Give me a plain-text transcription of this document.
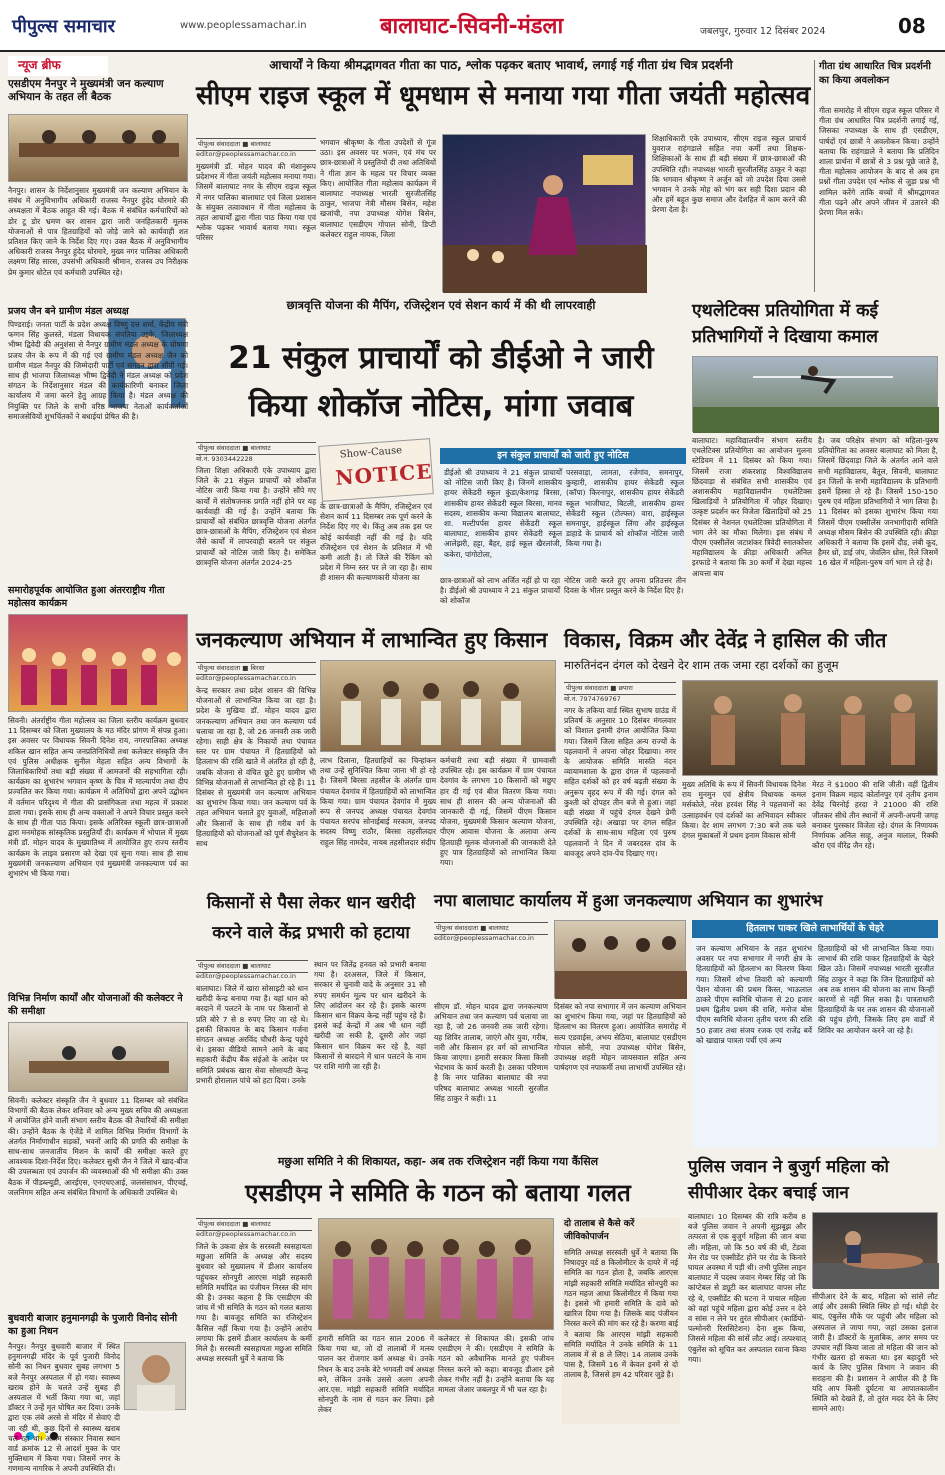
पीपुल्स समाचार	www.peoplessamachar.in	बालाघाट-सिवनी-मंडला	जबलपुर, गुरुवार 12 दिसंबर 2024	08
न्यूज ब्रीफ
एसडीएम नैनपुर ने मुख्यमंत्री जन कल्याण अभियान के तहत ली बैठक
नैनपुर। शासन के निर्देशानुसार मुख्यमंत्री जन कल्याण अभियान के संबंध में अनुविभागीय अधिकारी राजस्व नैनपुर हुंदेद घोरमारे की अध्यक्षता में बैठक आहूत की गई। बैठक में संबंधित कर्मचारियों को डोर टू डोर भ्रमण कर शासन द्वारा जारी जनहितकारी मूलक योजनाओं से पात्र हितग्राहियों को जोड़े जाने को कार्यवाही शत प्रतिशत किए जाने के निर्देश दिए गए। उक्त बैठक में अनुविभागीय अधिकारी राजस्व नैनपुर हुंदेद घोरमारे, मुख्य नगर पालिका अधिकारी लक्ष्मण सिंह सारस, उपसंभी अधिकारी श्रीमान, राजस्व उप निरीक्षक प्रेम कुमार धोटेल एवं कर्मचारी उपस्थित रहे।
प्रजय जैन बने ग्रामीण मंडल अध्यक्ष
पिण्डराई। जनता पार्टी के प्रदेश अध्यक्ष विष्णु दत्त शर्मा, केंद्रीय मंत्री फग्गन सिंह कुलस्ते, मंडला विधायक संपतिया उइके, जिलाध्यक्ष भीष्म द्विवेदी की अनुशंसा से नैनपुर ग्रामीण मंडल अध्यक्ष के चोषणा प्रजय जैन के रूप में की गई एवं ग्रामीण मंडल अध्यक्ष जैन को ग्रामीण मंडल नैनपुर की जिम्मेदारी पार्टी एवं संगठन द्वारा सौंपी गई। साथ ही भाजपा जिलाध्यक्ष भीष्म द्विवेदी ने मंडल अध्यक्ष को प्रदेश संगठन के निर्देशानुसार मंडल की कार्यकारिणी बनाकर जिला कार्यालय में जमा करने हेतु आग्रह किया है। मंडल अध्यक्ष की नियुक्ति पर जिले के सभी वरिष्ठ भाजपा नेताओं कार्यकर्ताओं समाजसेवियों शुभचिंतकों ने बधाईयां प्रेषित की है।
समारोहपूर्वक आयोजित हुआ अंतरराष्ट्रीय गीता महोत्सव कार्यक्रम
सिवनी। अंतर्राष्ट्रीय गीता महोत्सव का जिला स्तरीय कार्यक्रम बुधवार 11 दिसम्बर को जिला मुख्यालय के मठ मंदिर प्रांगण में संपन्न हुआ। इस अवसर पर विधायक सिवनी दिनेश राय, नगरपालिका अध्यक्ष शकिल खान सहित अन्य जनप्रतिनिधियों तथा कलेक्टर संस्कृति जैन एवं पुलिस अधीक्षक सुनील मेहता सहित अन्य विभागों के जिलाधिकारियों तथा बड़ी संख्या में आमजनों की सहभागिता रही। कार्यक्रम का शुभारंभ भगवान कृष्ण के चित्र में माल्यार्पण तथा दीप प्रज्वलित कर किया गया। कार्यक्रम में अतिथियों द्वारा अपने उद्बोधन में वर्तमान परिदृश्य में गीता की प्रासंगिकता तथा महत्व में प्रकाश डाला गया। इसके साथ ही अन्य वक्ताओं ने अपने विचार प्रस्तुत करने के साथ ही गीता पाठ किया। इसके अतिरिक्त स्कूली छात्र-छात्राओं द्वारा मनमोहक सांस्कृतिक प्रस्तुतियाँ दी। कार्यक्रम में भोपाल में मुख्य मंत्री डॉ. मोहन यादव के मुख्यातिथ्य में आयोजित हुए राज्य स्तरीय कार्यक्रम के लाइव प्रसारण को देखा एवं सुना गया। साथ ही साथ मुख्यमंत्री जनकल्याण अभियान एवं मुख्यमंत्री जनकल्याण पर्व का शुभारंभ भी किया गया।
विभिन्न निर्माण कार्यों और योजनाओं की कलेक्टर ने की समीक्षा
सिवनी। कलेक्टर संस्कृति जैन ने बुधवार 11 दिसम्बर को संबंधित विभागों की बैठक लेकर शनिवार को अन्य मुख्य सचिव की अध्यक्षता में आयोजित होने वाली संभाग स्तरीय बैठक की तैयारियों की समीक्षा की। उन्होंने बैठक के ऐजेंडे में शामिल विभिन्न निर्माण विभागों के अंतर्गत निर्माणाधीन सड़कों, भवनों आदि की प्रगति की समीक्षा के साथ-साथ जनजातीय मिशन के कार्यों की समीक्षा करते हुए आवश्यक दिशा-निर्देश दिए। कलेक्टर सुश्री जैन ने जिले में खाद-बीज की उपलब्धता एवं उपार्जन की व्यवस्थाओं की भी समीक्षा की। उक्त बैठक में पीडब्ल्यूडी, आरईएस, एनएचएआई, जलसंसाधन, पीएचई, जलनिगम सहित अन्य संबंधित विभागों के अधिकारी उपस्थित थे।
बुधवारी बाजार हनुमानगढ़ी के पुजारी विनोद सोनी का हुआ निधन
नैनपुर। नैनपुर बुधवारी बाजार में स्थित हनुमानगढ़ी मंदिर के पूर्व पुजारी विनोद सोनी का निधन बुधवार सुबह लगभग 5 बजे नैनपुर अस्पताल में हो गया। स्वास्थ्य खराब होने के चलते उन्हें सुबह ही अस्पताल में भर्ती किया गया था, जहां डॉक्टर ने उन्हें मृत घोषित कर दिया। उनके द्वारा एक लंबे अरसे से मंदिर में सेवाएं दी जा रही थी, कुछ दिनों से स्वास्थ्य खराब चल रहा था। अंतिम संस्कार निवास स्थान वार्ड क्रमांक 12 से आदर्श मुक्त के पार मुक्तिधाम में किया गया। जिसमें नगर के गणमान्य नागरिक ने अपनी उपस्थिति दी।
आचार्यों ने किया श्रीमद्भागवत गीता का पाठ, श्लोक पढ़कर बताए भावार्थ, लगाई गई गीता ग्रंथ चित्र प्रदर्शनी
सीएम राइज स्कूल में धूमधाम से मनाया गया गीता जयंती महोत्सव
पीपुल्स संवाददाता ■ बालाघाट
editor@peoplessamachar.co.in
मुख्यमंत्री डॉ. मोहन यादव की मंशानुरूप प्रदेशभर में गीता जयंती महोत्सव मनाया गया। जिसमें बालाघाट नगर के सीएम राइज स्कूल में नगर पालिका बालाघाट एवं जिला प्रशासन के संयुक्त तत्वावधान में गीता महोत्सव के तहत आचार्यों द्वारा गीता पाठ किया गया एवं श्लोक पढ़कर भावार्थ बताया गया। स्कूल परिसर
भगवान श्रीकृष्ण के गीता उपदेशों से गूंज उठा। इस अवसर पर भजन, एवं मंच पर छात्र-छात्राओं ने प्रस्तुतियों दी तथा अतिथियों ने गीता ज्ञान के महत्व पर विचार व्यक्त किए। आयोजित गीता महोत्सव कार्यक्रम में बालाघाट नपाध्यक्ष भारती सुरजीतसिंह ठाकुर, भाजपा नेत्री मौसम बिसेन, महेश खजांची, नपा उपाध्यक्ष योगेश बिसेन, बालाघाट एसडीएम गोपाल सोनी, डिप्टी कलेक्टर राहुल नायक, जिला
शिक्षाधिकारी एके उपाध्याय, सीएम राइज स्कूल प्राचार्य युवराज राहंगडाले सहित नपा कर्मी तथा शिक्षक-शिक्षिकाओं के साथ ही बड़ी संख्या में छात्र-छात्राओं की उपस्थिति रही। नपाध्यक्ष भारती सुरजीतसिंह ठाकुर ने कहा कि भगवान श्रीकृष्ण ने अर्जुन को जो उपदेश दिया उससे भगवान ने उनके मोह को भंग कर सही दिशा प्रदान की और हमें बहुत कुछ समाज और देशहित में काम करने की प्रेरणा देता है।
गीता ग्रंथ आधारित चित्र प्रदर्शनी का किया अवलोकन
गीता समारोह में सीएम राइज स्कूल परिसर में गीता ग्रंथ आधारित चित्र प्रदर्शनी लगाई गई, जिसका नपाध्यक्ष के साथ ही एसडीएम, पार्षदों एवं छात्रों ने अवलोकन किया। उन्होंने बताया कि राहंगडाले ने बताया कि प्रतिदिन शाला प्रार्थना में छात्रों से 3 प्रश्न पूछे जाते है, गीता महोत्सव आयोजन के बाद से अब हम प्रश्नों गीता उपदेश एवं श्लोक से जुड़ा प्रश्न भी शामिल करेंगे ताकि बच्चों में श्रीमद्भागवत गीता पढ़ने और अपने जीवन में उतारने की प्रेरणा मिल सके।
छात्रवृत्ति योजना की मैपिंग, रजिस्ट्रेशन एवं सेशन कार्य में की थी लापरवाही
21 संकुल प्राचार्यों को डीईओ ने जारी किया शोकॉज नोटिस, मांगा जवाब
पीपुल्स संवाददाता ■ बालाघाट
मो.नं. 9303442228
जिला शिक्षा अधिकारी एके उपाध्याय द्वारा जिले के 21 संकुल प्राचार्यों को शोकॉज नोटिस जारी किया गया है। उन्होंने सौंपे गए कार्यों में संतोषजनक प्रगति नहीं होने पर यह कार्यवाही की गई है। उन्होंने बताया कि प्राचार्यों को संबंधित छात्रवृत्ति योजना अंतर्गत छात्र-छात्राओं के मैपिंग, रजिस्ट्रेशन एवं सेशन जैसे कार्यों में लापरवाही बरतने पर संकुल प्राचार्यों को नोटिस जारी किए है। समेकित छात्रवृत्ति योजना अंतर्गत 2024-25
Show-Cause
NOTICE
के छात्र-छात्राओं के मैपिंग, रजिस्ट्रेशन एवं सेशन कार्य 11 दिसम्बर तक पूर्ण करने के निर्देश दिए गए थे। किंतु अब तक इस पर कोई कार्यवाही नहीं की गई है। यदि रजिस्ट्रेशन एवं सेशन के प्रतिशत में भी कमी आती है। तो जिले की रैंकिंग को प्रदेश में निम्न स्तर पर ले जा रहा है। साथ ही शासन की कल्याणकारी योजना का
इन संकुल प्राचार्यों को जारी हुए नोटिस
डीईओ श्री उपाध्याय ने 21 संकुल प्राचार्यों को नोटिस जारी किए है। जिनमें शासकीय हायर सेकेंडरी स्कूल कुंडा/केशगढ़ बिरसा, शासकीय हायर सेकेंडरी स्कूल बिरसा, मानव सदस्य, शासकीय कन्या विद्यालय बालाघाट, शा. मल्टीपर्पस हायर सेकेंडरी स्कूल बालाघाट, शासकीय हायर सेकेंडरी स्कूल आलेझरी, हट्टा, बैहर, हाई स्कूल खैरलांजी, ककेरा, पांगोटोला,
परसवाड़ा, लामता, रजेगांव, समनापुर, कुम्हारी, शासकीय हायर सेकेंडरी स्कूल (कॉपा) किरनापुर, शासकीय हायर सेकेंडरी स्कूल भाजीघाट, बिटली, शासकीय हायर सेकेंडरी स्कूल (टोल्फ्ल) वारा, हाईस्कूल समनापुर, हाईस्कूल लिंगा और हाईस्कूल डाहाडे के प्राचार्य को शोकॉज नोटिस जारी किया गया है।
छात्र-छात्राओं को लाभ अर्जित नहीं हो पा रहा है। डीईओ श्री उपाध्याय ने 21 संकुल प्राचार्यों को शोकॉज
नोटिस जारी करते हुए अपना प्रतिउत्तर तीन दिवस के भीतर प्रस्तुत करने के निर्देश दिए है।
एथलेटिक्स प्रतियोगिता में कई प्रतिभागियों ने दिखाया कमाल
बालाघाट। महाविद्यालयीन संभाग स्तरीय एथलेटिक्स प्रतियोगिता का आयोजन मुलना स्टेडियम में 11 दिसंबर को किया गया। जिसमें राजा शंकरशाह विश्वविद्यालय छिंदवाड़ा से संबंधित सभी शासकीय एवं अशासकीय महाविद्यालयीन एथलेटिक्स खिलाड़ियों ने प्रतियोगिता में जौहर दिखाए। उत्कृष्ट प्रदर्शन कर विजेता खिलाड़ियों को 25 दिसंबर से नेशनल एथलेटिक्स प्रतियोगिता में भाग लेने का मौका मिलेगा। इस संबंध में पीएम एक्सीलेंस जटाशंकर त्रिवेदी स्नातकोत्तर महाविद्यालय के क्रीड़ा अधिकारी अनिल इरफाडे ने बताया कि 30 कर्मों में देखा महत्त्व आयत्ता बाय
है। जब परिक्षेत्र संभाग को महिला-पुरुष प्रतियोगिता का अवसर बालाघाट को मिला है, जिसमें छिंदवाड़ा जिले के अंतर्गत आने वाले सभी महाविद्यालय, बैतूल, सिवनी, बालाघाट इन जिलों के सभी महाविद्यालय के प्रतिभागी इसमें हिस्सा ले रहे हैं। जिसमें 150-150 पुरुष एवं महिला प्रतिभागियों ने भाग लिया है। 11 दिसंबर को इसका शुभारंभ किया गया जिसमें पीएम एक्सीलेंस जनभागीदारी समिति अध्यक्ष मौसम बिसेन की उपस्थिति रही। क्रीड़ा अधिकारी ने बताया कि इसमें दौड़, लंबी कूद, हैमर थ्रो, डाई जंप, जेवलिन थ्रोस, रिले जिसमें 16 खेल में महिला-पुरुष वर्ग भाग ले रहे है।
जनकल्याण अभियान में लाभान्वित हुए किसान
पीपुल्स संवाददाता ■ बिरसा
editor@peoplessamachar.co.in
केन्द्र सरकार तथा प्रदेश शासन की विभिन्न योजनाओं से लाभान्वित किया जा रहा है। प्रदेश के मुखिया डॉ. मोहन यादव द्वारा जनकल्याण अभियान तथा जन कल्याण पर्व चलाया जा रहा है, जो 26 जनवरी तक जारी रहेगा। साही क्षेत्र के निकायों तथा पंचायत स्तर पर ग्राम पंचायत में हितग्राहियों को हितलाभ की राशि खाते में अंतरित हो रही है, जबकि योजना से वंचित छूटे हुए ग्रामीण भी विभिन्न योजनाओं से लाभान्वित हो रहे हैं। 11 दिसंबर से मुख्यमंत्री जन कल्याण अभियान का शुभारंभ किया गया। जन कल्याण पर्व के तहत अभियान चलाते हुए युवाओं, महिलाओं और किसानों के साथ ही गरीब वर्ग के हितग्राहियों को योजनाओं को पूर्ण सैचुरेशन के साथ
लाभ दिलाना, हितग्राहियों का चिन्हांकन तथा उन्हें सुनिश्चित किया जाना भी हो रहे है। जिसमें बिरसा तहसील के अंतर्गत ग्राम पंचायत देवगांव में हितग्राहियों को लाभान्वित किया गया। ग्राम पंचायत देवगांव में मुख्य रूप से जनपद अध्यक्ष पंचायत देवगांव पंचायत सरपंच सोनाईबाई मरकाम, जनपद सदस्य विष्णु राठौर, बिरसा तहसीलदार राहुल सिंह नामदेव, नायब तहसीलदार संदीप
कर्मचारी तथा बड़ी संख्या में ग्रामवासी उपस्थित रहे। इस कार्यक्रम में ग्राम पंचायत देवगांव के लगभग 10 किसानों को मछुए हार दी गई एवं बीज वितरण किया गया। साथ ही शासन की अन्य योजनाओं की जानकारी दी गई, जिसमें पीएम किसान योजना, मुख्यमंत्री किसान कल्याण योजना, पीएम आवास योजना के अलावा अन्य हितग्राही मूलक योजनाओं की जानकारी देते हुए पात्र हितग्राहियों को लाभान्वित किया गया।
विकास, विक्रम और देवेंद्र ने हासिल की जीत
मारुतिनंदन दंगल को देखने देर शाम तक जमा रहा दर्शकों का हुजूम
पीपुल्स संवाददाता ■ छपारा
मो.नं. 7974769767
नगर के तकिया वार्ड स्थित सुभाष ग्राउंड में प्रतिवर्ष के अनुसार 10 दिसंबर मंगलवार को विशाल इनामी दंगल आयोजित किया गया। जिसमें जिला सहित अन्य राज्यों के पहलवानों ने अपना जोहर दिखाया। नगर के आयोजक समिति मारुति नंदन व्यायामशाला के द्वारा दंगल में पहलवानों सहित दर्शकों को हर वर्ष बढ़ती संख्या के अनुरूप वृहद रूप में की गई। दंगल को कुश्ती को दोपहर तीन बजे से हुआ। जहां बड़ी संख्या में पहुंचे दंगल देखने प्रेमी उपस्थिति रहे। अखाड़ा पर दंगल सहित दर्शकों के साथ-साथ महिला एवं पुरुष पहलवानों ने दिन में जबरदस्त दांव के बावजूद अपने दांव-पेंच दिखाए गए।
मुख्य अतिथि के रूप में सिवनी विधायक दिनेश राय मुनमुन एवं क्षेत्रीय विधायक कमल मर्सकोले, नरेश हरवंश सिंह ने पहलवानों का उत्साहवर्धन एवं दर्शकों का अभिवादन स्वीकार किया। देर शाम लगभग 7:30 बजे तक चले दंगल मुकाबलों में प्रथम इनाम विकास सोनी
मेरठ ने $1000 की राशि जीती। वहीं द्वितीय इनाम विक्रम महाद कोर्तानपुर एवं तृतीय इनाम देवेंद्र चिरनोई हरदा ने 21000 की राशि जीतकर सीधे तीन स्थानों में अपनी-अपनी जगह बनाकर पुरस्कार विजेता रहे। दंगल के निणायक निर्णायक अनिल साहू, अनुज मालाल, रिक्की कौरा एवं वीरेंद्र जैन रहे।
किसानों से पैसा लेकर धान खरीदी करने वाले केंद्र प्रभारी को हटाया
पीपुल्स संवाददाता ■ बालाघाट
editor@peoplessamachar.co.in
बालाघाट। जिले में खारा सोसाइटी को धान खरीदी केन्द्र बनाया गया है। यहां धान को बरदाने में पलटने के नाम पर किसानों से प्रति बोरे 7 से 8 रुपए लिए जा रहे थे। इसकी शिकायत के बाद किसान गर्जना संगठन अध्यक्ष अरविंद चौधरी केन्द्र पहुंचे थे। इसका वीडियो सामने आने के बाद सहकारी केंद्रीय बैंक संईओ के आदेश पर समिति प्रबंधक खारा सेवा सोसायटी केन्द्र प्रभारी होरालाल पांचे को हटा दिया। उनके
स्थान पर जितेंद्र हनवत को प्रभारी बनाया गया है। दरअसल, जिले में किसान, सरकार से चुनावी वादे के अनुसार 31 सौ रुपए समर्थन मूल्य पर धान खरीदने के लिए आंदोलन कर रहे है। इसके कारण किसान धान विक्रय केन्द्र नहीं पहुंच रहे है। इससे कई केन्द्रों में अब भी धान नहीं खरीदी जा सकी है, दूसरी ओर जहां किसान धान विक्रय कर रहे है, वहां किसानों से बारदाने में धान पलटने के नाम पर राशि मांगी जा रही है।
नपा बालाघाट कार्यालय में हुआ जनकल्याण अभियान का शुभारंभ
पीपुल्स संवाददाता ■ बालाघाट
editor@peoplessamachar.co.in
सीएम डॉ. मोहन यादव द्वारा जनकल्याण अभियान तथा जन कल्याण पर्व चलाया जा रहा है, जो 26 जनवरी तक जारी रहेगा। यह शिविर तालाब, जाएंगे और युवा, गरीब, नारी और किसान हर वर्ग को लाभान्वित किया जाएगा। हमारी सरकार किसा किसी भेदभाव के कार्य करती है। उसका परिणाम है कि नगर पालिका बालाघाट की नपा परिषद बालाघाट अध्यक्ष भारती सुरजीत सिंह ठाकुर ने कही। 11
दिसंबर को नपा सभागार में जन कल्याण अभियान का शुभारंभ किया गया, जहां पर हितग्राहियों को हितलाभ का वितरण हुआ। आयोजित समारोह में सत्य एडवाईस, अभय सेठिया, बालाघाट एसडीएम गोपाल सोनी, नपा उपाध्यक्ष योगेश बिसेन, उपाध्यक्ष शहरी मोहन जायसवाल सहित अन्य पार्षदगण एवं नपाकर्मी तथा लाभार्थी उपस्थित रहे।
हितलाभ पाकर खिले लाभार्थियों के चेहरे
जन कल्याण अभियान के तहत शुभारंभ अवसर पर नपा सभागार में नगरी क्षेत्र के हितग्राहियों को हितलाभ का वितरण किया गया। जिसमें शोभा तिवारी को कल्याणी पेंशन योजना की प्रथम किस्त, भाऊलाल ठाकरे पीएम स्वनिधि योजना से 20 हजार प्रथम द्वितीय प्रथम की राशि, मनोज बोस पीएम स्वनिधि योजना तृतीय चरण की राशि 50 हजार तथा संजय रजक एवं राजेंद्र बर्वे को खाद्यान्न पात्रता पर्ची एवं अन्य
हितग्राहियों को भी लाभान्वित किया गया। लाभार्थ की राशि पाकर हितग्राहियों के चेहरे खिल उठे। जिसमें नपाध्यक्ष भारती सुरजीत सिंह ठाकुर ने कहा कि जिन हितग्राहियों को अब तक शासन की योजना का लाभ किन्हीं कारणों से नहीं मिल सका है। पात्रताधारी हितग्राहियों के घर तक शासन की योजनाओं की पहुंच होगी, जिसके लिए हम वार्डों में शिविर का आयोजन करने जा रहे है।
मछुआ समिति ने की शिकायत, कहा- अब तक रजिस्ट्रेशन नहीं किया गया कैंसिल
एसडीएम ने समिति के गठन को बताया गलत
पीपुल्स संवाददाता ■ बालाघाट
editor@peoplessamachar.co.in
जिले के उकवा क्षेत्र के सरस्वती स्वसहायता मछुआ समिति के अध्यक्ष और सदस्य बुधवार को मुख्यालय में डीआर कार्यालय पहुंचकर सोनपुरी आरएस मांझी सहकारी समिति मर्यादित का पंजीयन निरस्त की मांग की है। उनका कहना है कि एसडीएम की जांच में भी समिति के गठन को गलत बताया गया है। बावजूद समिति का रजिस्ट्रेशन कैंसिल नहीं किया गया है। उन्होंने आरोप लगाया कि इसमें डीआर कार्यालय के कर्मी मिले है। सरस्वती स्वसहायता मछुआ समिति अध्यक्ष सरस्वती धुर्वे ने बताया कि
हमारी समिति का गठन साल 2006 में किया गया था, जो दो तालाबों में मत्स्य पालन कर रोजगार कर्म अध्यक्ष थे। उनके निधन के बाद उनके बेटे भगवती वर्ष अध्यक्ष बने, लेकिन उनके उससे अलग अपनी आर.एस. मांझी सहकारी समिति मर्यादित सोनपुरी के नाम से गठन कर लिया। इसे लेकर
कलेक्टर से शिकायत की। इसकी जांच एसडीएम ने की। एसडीएम ने समिति के गठन को अवैधानिक मानते हुए पंजीयन निरस्त करने को कहा। बावजूद डीआर इसे लेकर गंभीर नहीं है। उन्होंने बताया कि यह मामला जेआर जबलपुर में भी चल रहा है।
दो तालाब से कैसे करें जीविकोपार्जन
समिति अध्यक्ष सरस्वती धुर्वे ने बताया कि निषादपुर वर्ड 8 किलोमीटर के दायरे में नई समिति का गठन होता है, जबकि आरएस मांझी सहकारी समिति मर्यादित सोनपुरी का गठन महज आधा किलोमीटर में किया गया है। इससे भी हमारी समिति के दावे को खारिज दिया गया है। जिसके बाद पंजीयन निरस्त करने की मांग कर रहे है। करणा बाई ने बताया कि आरएस मांझी सहकारी समिति मर्यादित ने उनके समिति के 11 तालाब में से 8 ले लिए। 14 तालाब उनके पास है, जिसमें 16 में केवल इनमें से दो तालाब है, जिससे हम 42 परिवार जुड़े है।
पुलिस जवान ने बुजुर्ग महिला को सीपीआर देकर बचाई जान
बालाघाट। 10 दिसम्बर की रात्रि करीब 8 बजे पुलिस जवान ने अपनी सूझबूझ और तत्परता से एक बुजुर्ग महिला की जान बचा ली। महिला, जो कि 50 वर्ष की थी, टेंडवा मेन रोड पर एक्सीडेंट होने पर रोड के किनारे घायल अवस्था में पड़ी थी। तभी पुलिस लाइन बालाघाट में पदस्थ जवान मेम्बर सिंह जो कि कांप्टेबल से ड्यूटी कर बालाघाट वापस लौट रहे थे, एक्सीडेंट की घटना ने पायाल महिला को वहां पहुंचे महिला द्वारा कोई उत्तर न देने व सांस न लेने पर तुरंत सीपीआर (कार्डियो-पल्मोनरी रिससिटेशन) देना शुरू किया, जिससे महिला की सांसें लौट आई। तत्पश्चात् एंबुलेंस को सूचित कर अस्पताल रवाना किया गया।
सीपीआर देने के बाद, महिला को सांसें लौट आई और उसकी स्थिति स्थिर हो गई। थोड़ी देर बाद, एंबुलेंस मौके पर पहुंची और महिला को अस्पताल ले जाया गया, जहां उसका इलाज जारी है। डॉक्टरों के मुताबिक, अगर समय पर उपचार नहीं किया जाता तो महिला की जान को गंभीर खतरा हो सकता था। इस बहादुरी भरे कार्य के लिए पुलिस विभाग ने जवान की सराहना की है। प्रशासन ने आपील की है कि यदि आप किसी दुर्घटना या आपातकालीन स्थिति को देखते हैं, तो तुरंत मदद देने के लिए सामने आएं।
